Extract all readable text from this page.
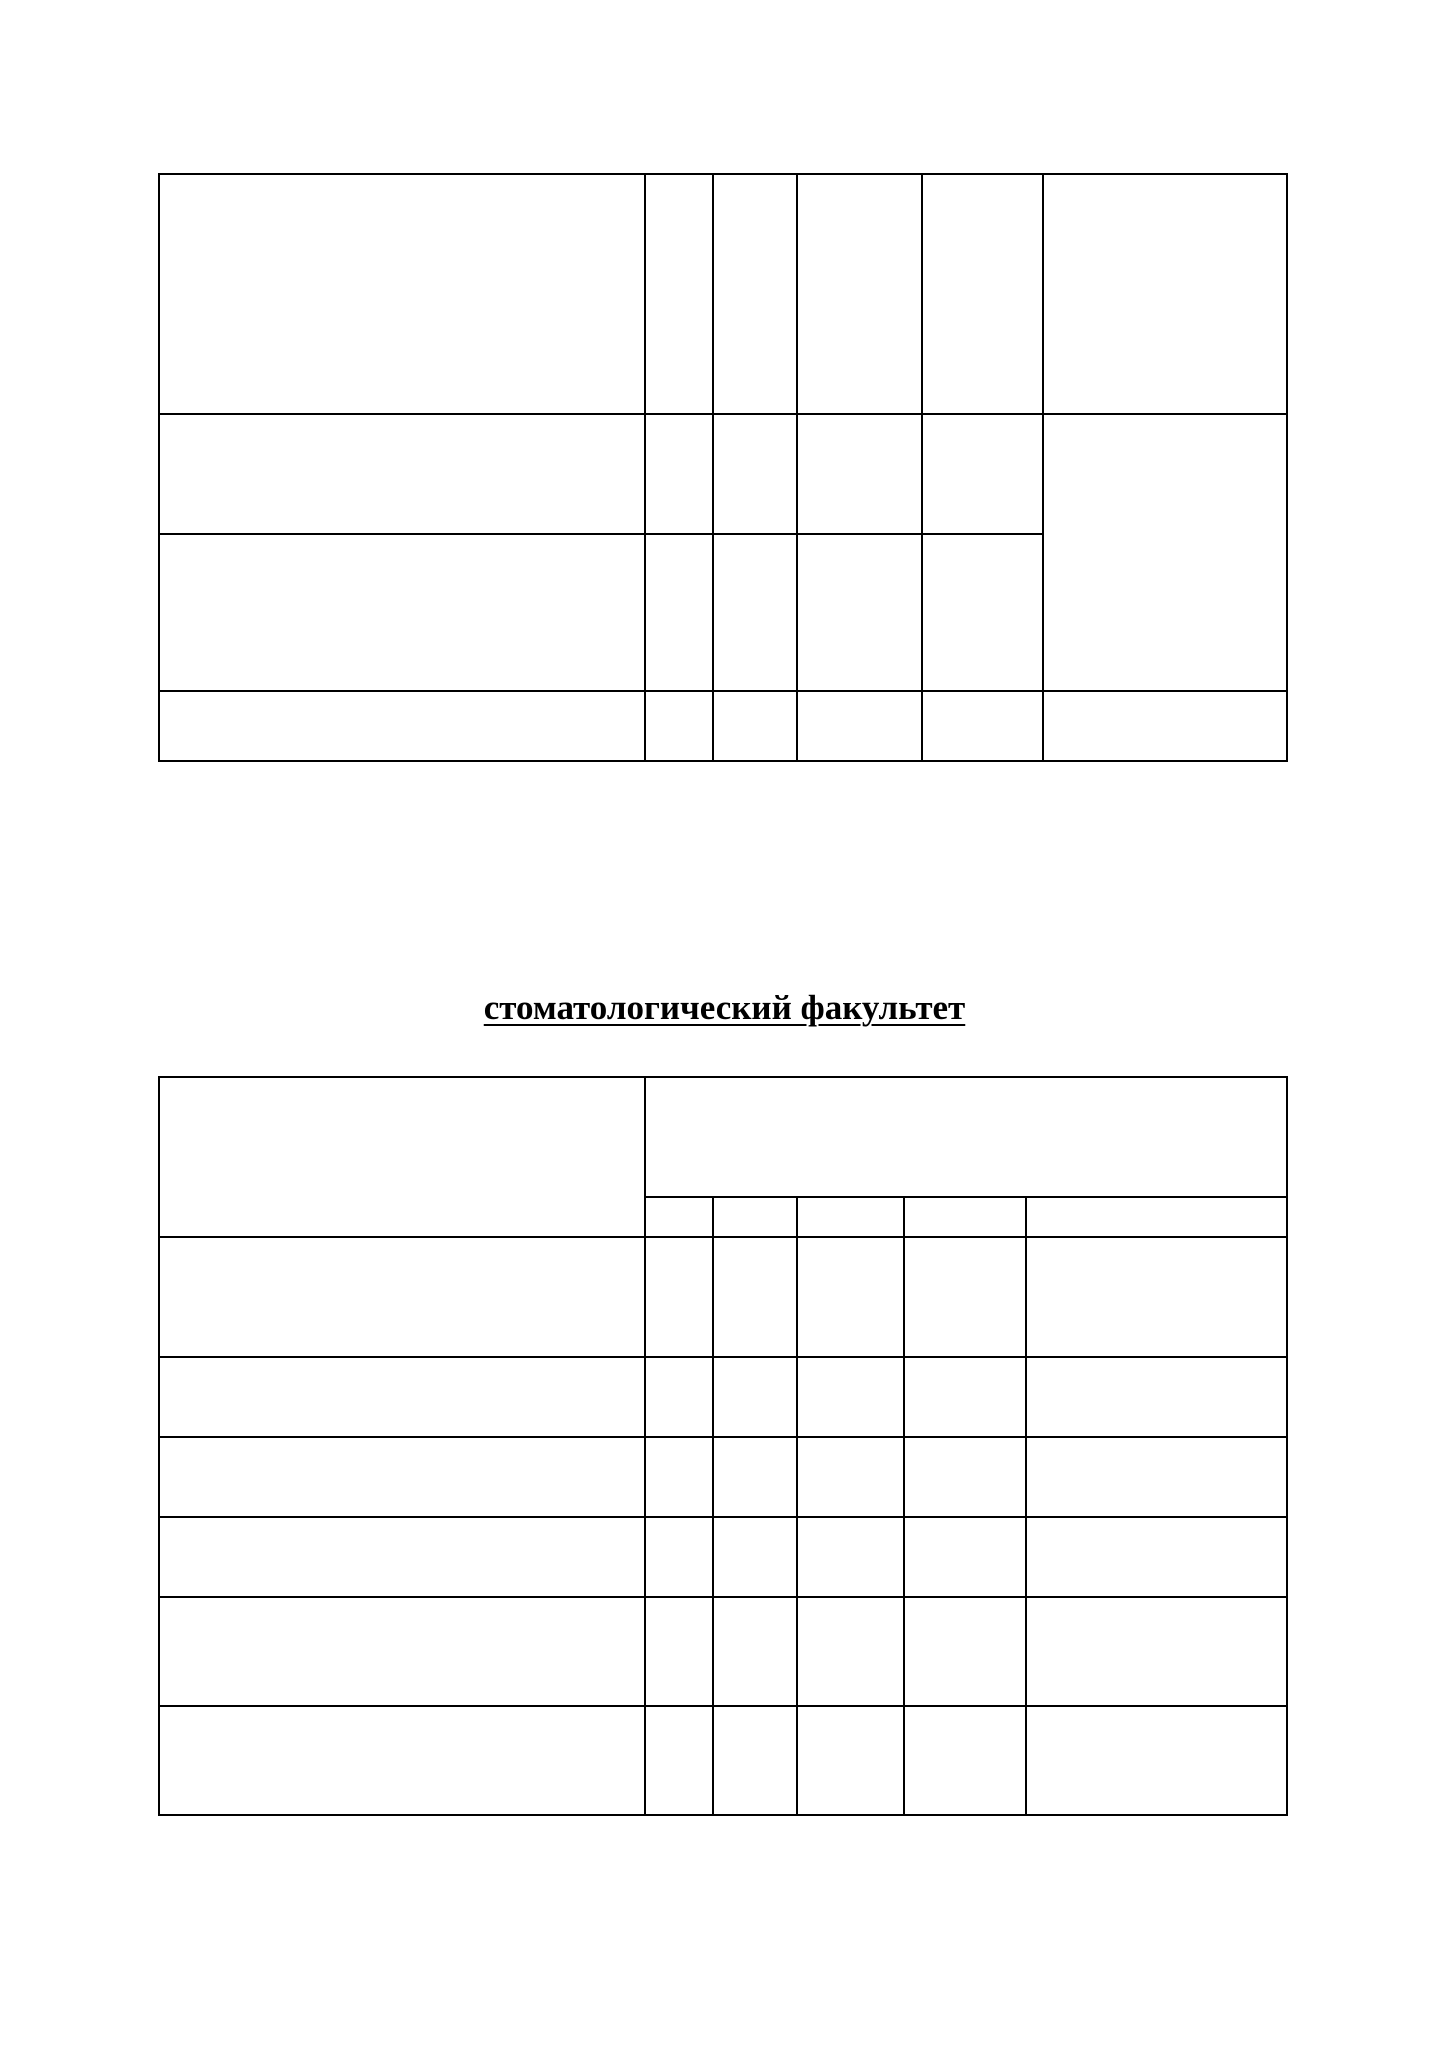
стоматологический факультет
